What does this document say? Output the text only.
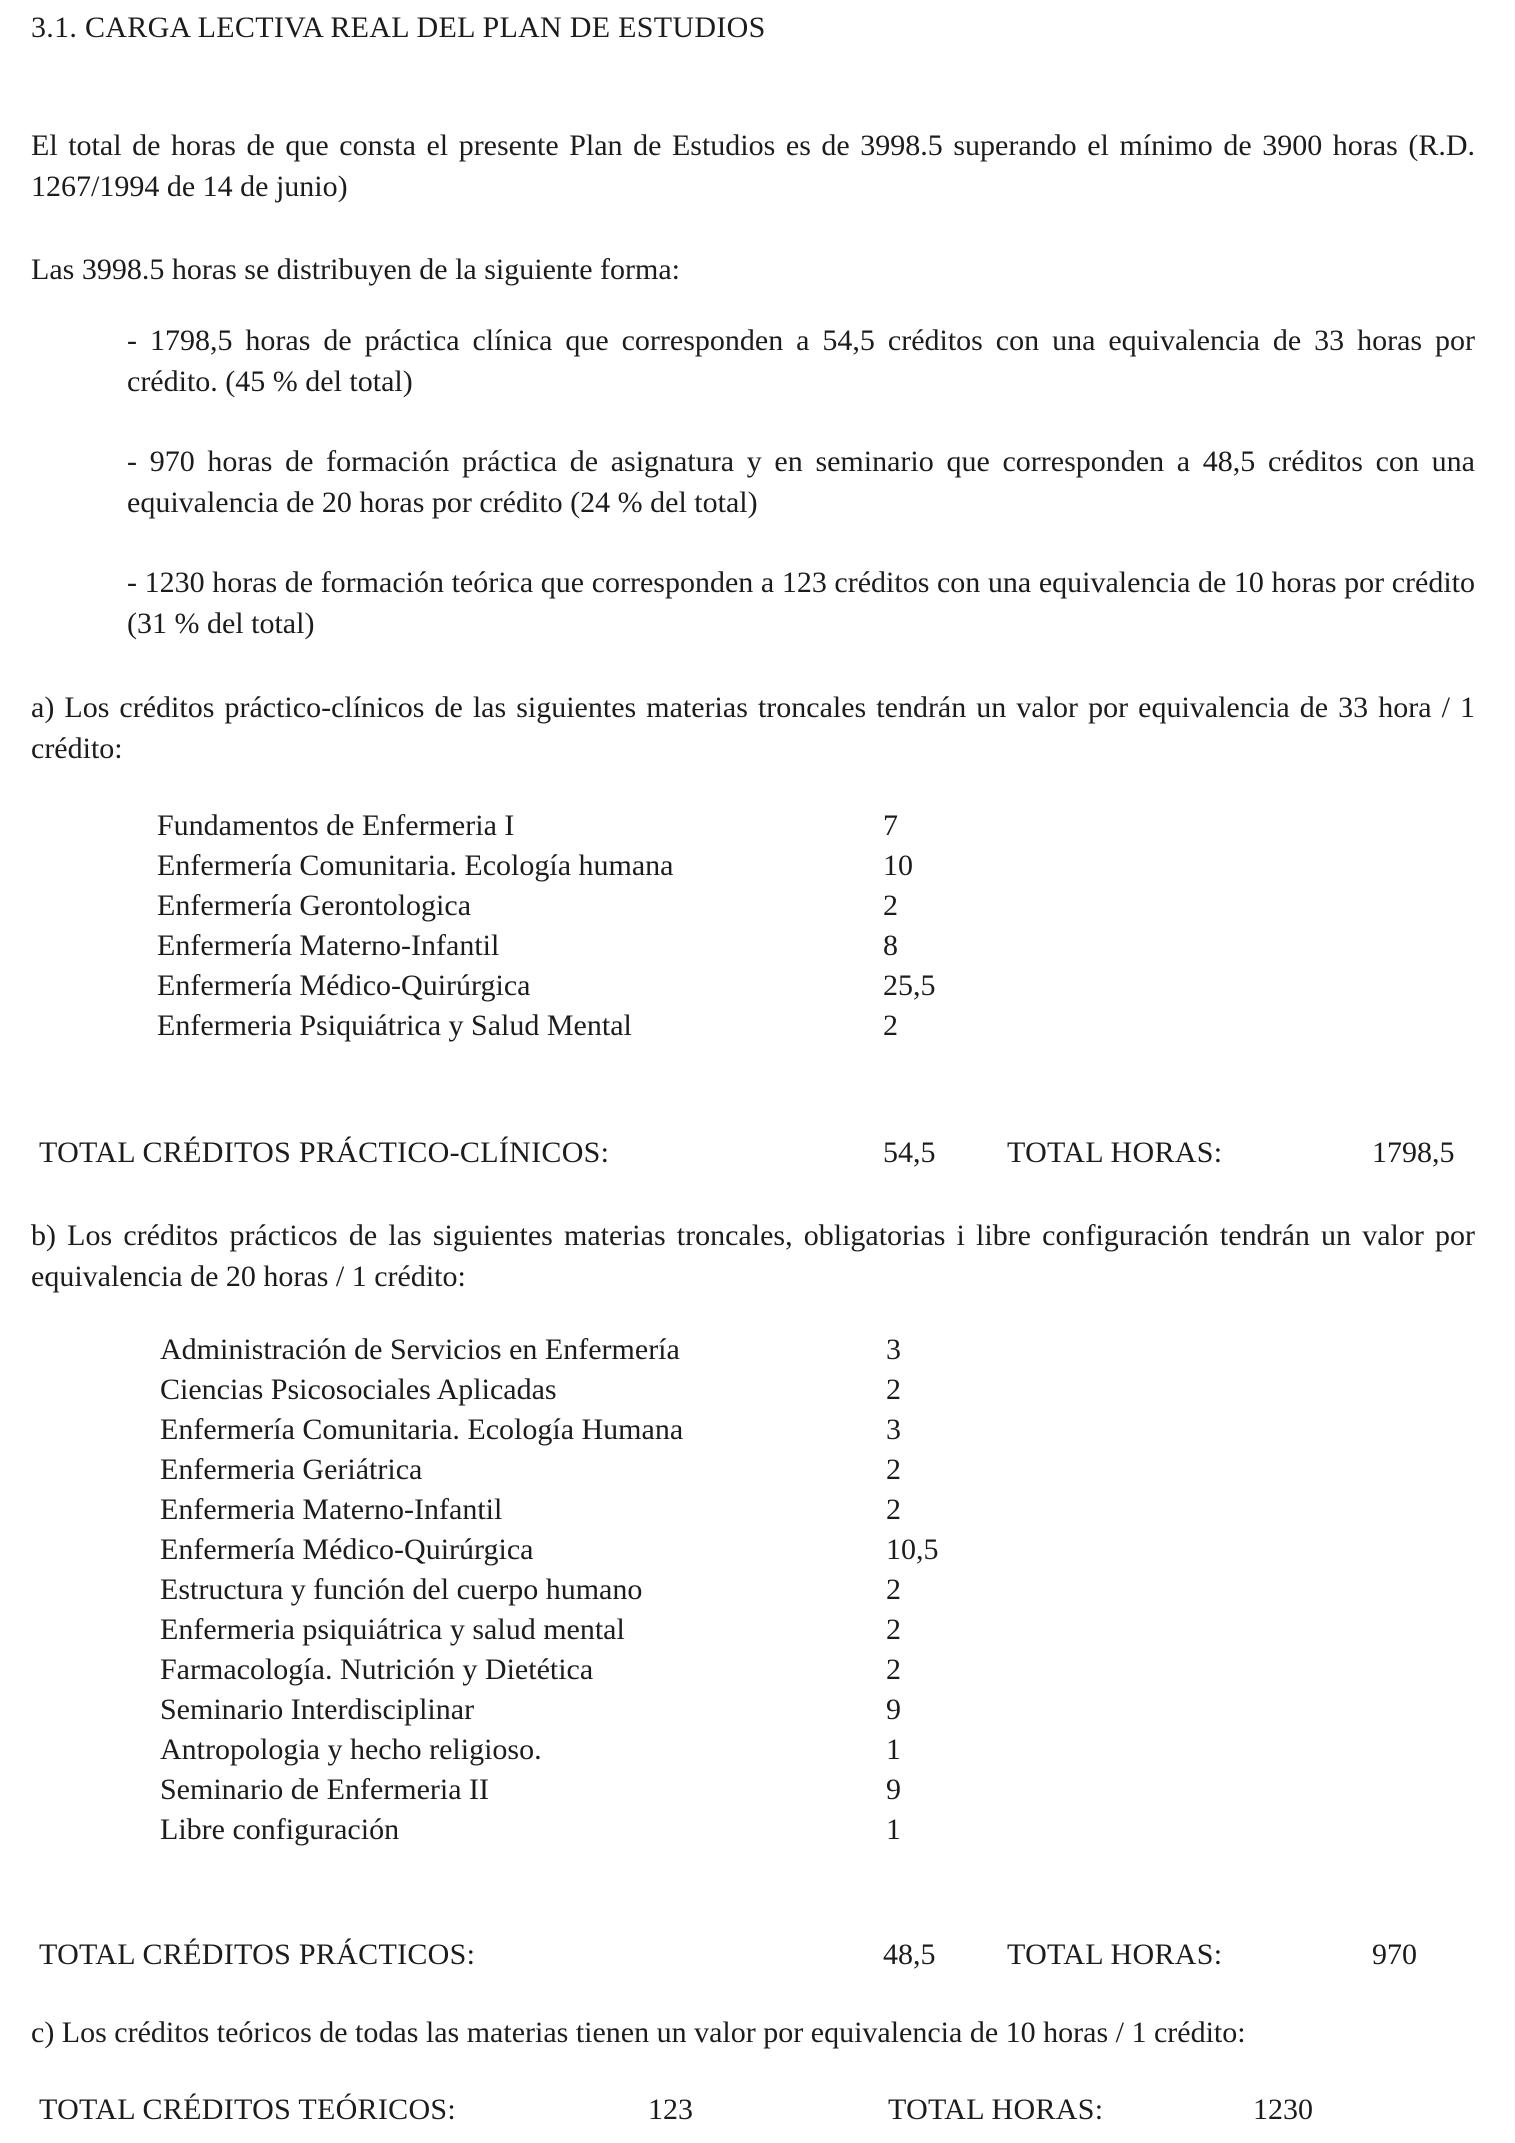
3.1. CARGA LECTIVA REAL DEL PLAN DE ESTUDIOS
El total de horas de que consta el presente Plan de Estudios es de 3998.5 superando el mínimo de 3900 horas (R.D. 1267/1994 de 14 de junio)
Las 3998.5 horas se distribuyen de la siguiente forma:
- 1798,5 horas de práctica clínica que corresponden a 54,5 créditos con una equivalencia de 33 horas por crédito. (45 % del total)
- 970 horas de formación práctica de asignatura y en seminario que corresponden a 48,5 créditos con una equivalencia de 20 horas por crédito (24 % del total)
- 1230 horas de formación teórica que corresponden a 123 créditos con una equivalencia de 10 horas por crédito (31 % del total)
a) Los créditos práctico-clínicos de las siguientes materias troncales tendrán un valor por equivalencia de 33 hora / 1 crédito:
Fundamentos de Enfermeria I	7
Enfermería Comunitaria. Ecología humana	10
Enfermería Gerontologica	2
Enfermería Materno-Infantil	8
Enfermería Médico-Quirúrgica	25,5
Enfermeria Psiquiátrica y Salud Mental	2
TOTAL CRÉDITOS PRÁCTICO-CLÍNICOS:	54,5 TOTAL HORAS:	1798,5
b) Los créditos prácticos de las siguientes materias troncales, obligatorias i libre configuración tendrán un valor por equivalencia de 20 horas / 1 crédito:
Administración de Servicios en Enfermería	3
Ciencias Psicosociales Aplicadas	2
Enfermería Comunitaria. Ecología Humana	3
Enfermeria Geriátrica	2
Enfermeria Materno-Infantil	2
Enfermería Médico-Quirúrgica	10,5
Estructura y función del cuerpo humano	2
Enfermeria psiquiátrica y salud mental	2
Farmacología. Nutrición y Dietética	2
Seminario Interdisciplinar	9
Antropologia y hecho religioso.	1
Seminario de Enfermeria II	9
Libre configuración	1
TOTAL CRÉDITOS PRÁCTICOS:	48,5 TOTAL HORAS:	970
c) Los créditos teóricos de todas las materias tienen un valor por equivalencia de 10 horas / 1 crédito:
TOTAL CRÉDITOS TEÓRICOS:	123	TOTAL HORAS:	1230
